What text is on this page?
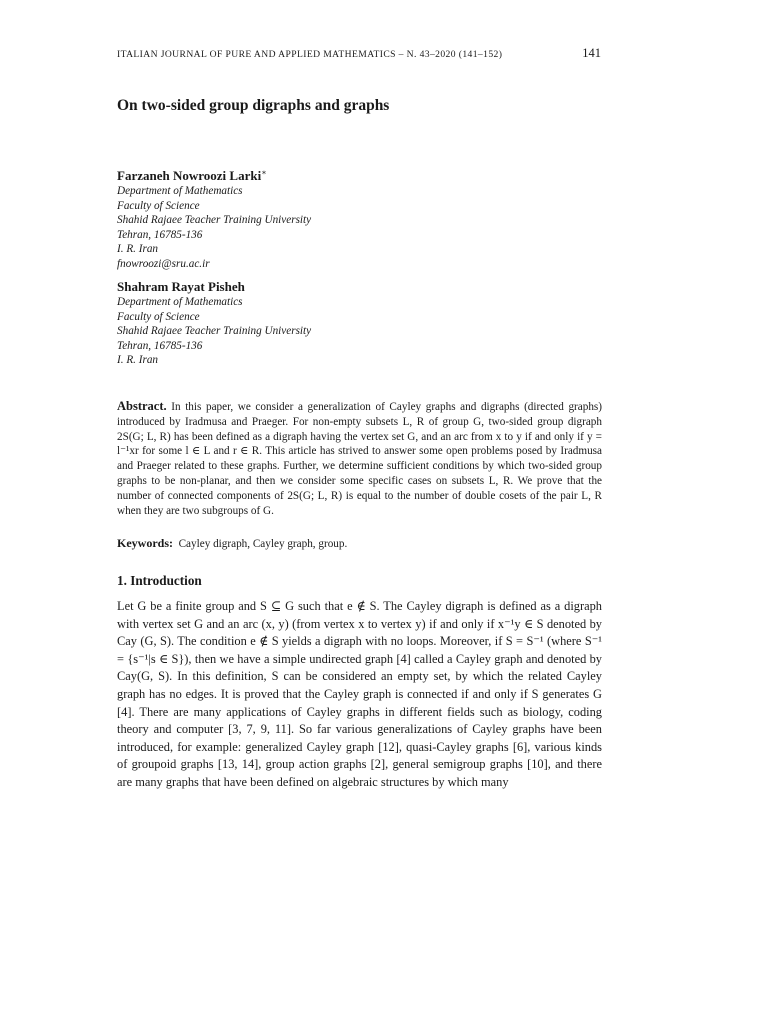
ITALIAN JOURNAL OF PURE AND APPLIED MATHEMATICS – N. 43–2020 (141–152)	141
On two-sided group digraphs and graphs
Farzaneh Nowroozi Larki∗
Department of Mathematics
Faculty of Science
Shahid Rajaee Teacher Training University
Tehran, 16785-136
I. R. Iran
fnowroozi@sru.ac.ir
Shahram Rayat Pisheh
Department of Mathematics
Faculty of Science
Shahid Rajaee Teacher Training University
Tehran, 16785-136
I. R. Iran

Abstract. In this paper, we consider a generalization of Cayley graphs and digraphs (directed graphs) introduced by Iradmusa and Praeger. For non-empty subsets L, R of group G, two-sided group digraph 2S(G; L, R) has been defined as a digraph having the vertex set G, and an arc from x to y if and only if y = l⁻¹xr for some l ∈ L and r ∈ R. This article has strived to answer some open problems posed by Iradmusa and Praeger related to these graphs. Further, we determine sufficient conditions by which two-sided group graphs to be non-planar, and then we consider some specific cases on subsets L, R. We prove that the number of connected components of 2S(G; L, R) is equal to the number of double cosets of the pair L, R when they are two subgroups of G.

Keywords: Cayley digraph, Cayley graph, group.
1. Introduction

Let G be a finite group and S ⊆ G such that e ∉ S. The Cayley digraph is defined as a digraph with vertex set G and an arc (x, y) (from vertex x to vertex y) if and only if x⁻¹y ∈ S denoted by Cay (G, S). The condition e ∉ S yields a digraph with no loops. Moreover, if S = S⁻¹ (where S⁻¹ = {s⁻¹|s ∈ S}), then we have a simple undirected graph [4] called a Cayley graph and denoted by Cay(G, S). In this definition, S can be considered an empty set, by which the related Cayley graph has no edges. It is proved that the Cayley graph is connected if and only if S generates G [4]. There are many applications of Cayley graphs in different fields such as biology, coding theory and computer [3, 7, 9, 11]. So far various generalizations of Cayley graphs have been introduced, for example: generalized Cayley graph [12], quasi-Cayley graphs [6], various kinds of groupoid graphs [13, 14], group action graphs [2], general semigroup graphs [10], and there are many graphs that have been defined on algebraic structures by which many
